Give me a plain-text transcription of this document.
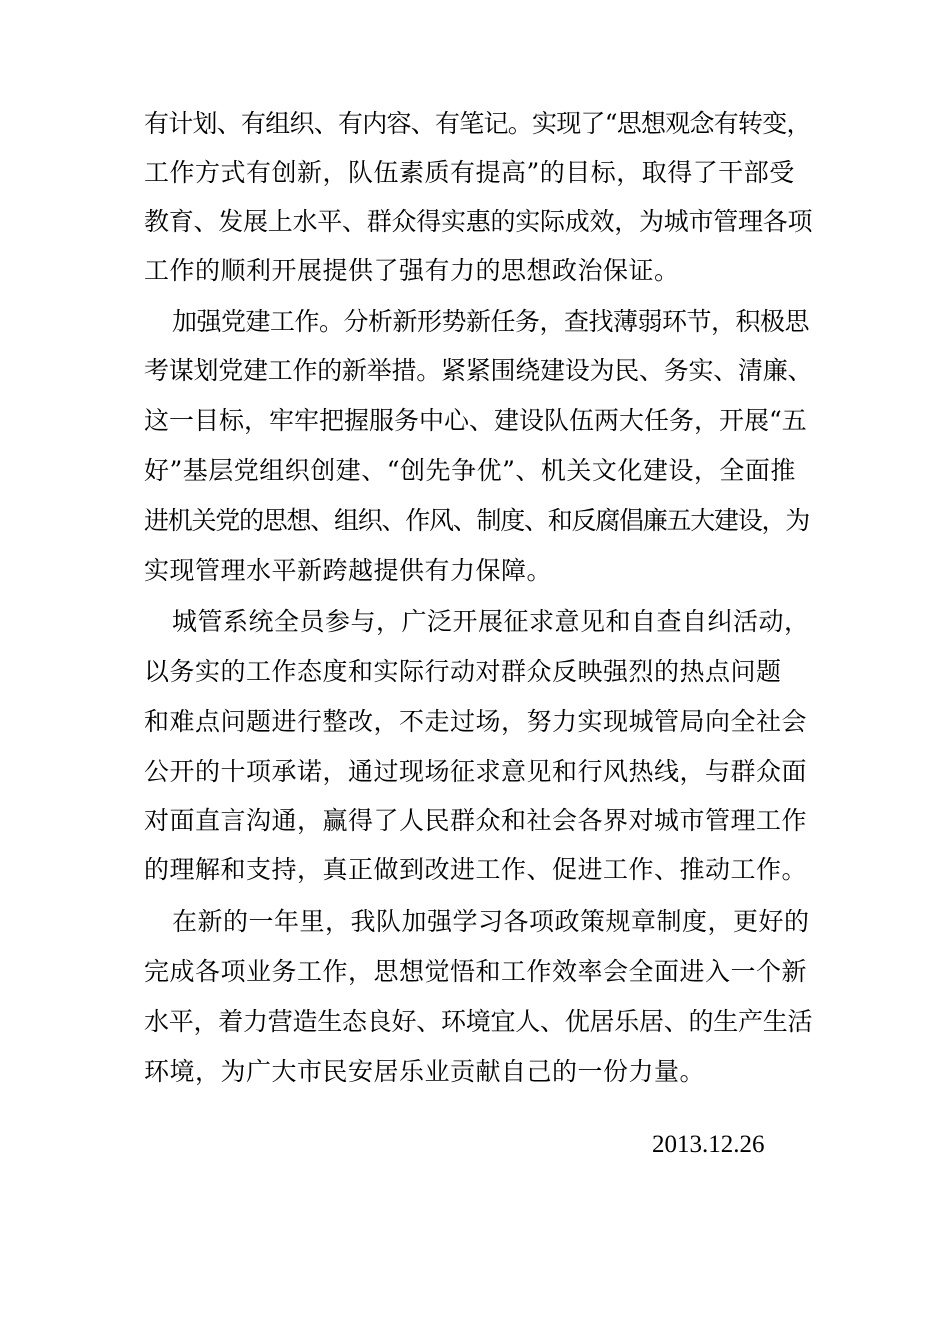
有计划、有组织、有内容、有笔记。实现了“思想观念有转变，
工作方式有创新，队伍素质有提高”的目标，取得了干部受
教育、发展上水平、群众得实惠的实际成效，为城市管理各项
工作的顺利开展提供了强有力的思想政治保证。
加强党建工作。分析新形势新任务，查找薄弱环节，积极思
考谋划党建工作的新举措。紧紧围绕建设为民、务实、清廉、
这一目标，牢牢把握服务中心、建设队伍两大任务，开展“五
好”基层党组织创建、“创先争优”、机关文化建设，全面推
进机关党的思想、组织、作风、制度、和反腐倡廉五大建设，为
实现管理水平新跨越提供有力保障。
城管系统全员参与，广泛开展征求意见和自查自纠活动，
以务实的工作态度和实际行动对群众反映强烈的热点问题
和难点问题进行整改，不走过场，努力实现城管局向全社会
公开的十项承诺，通过现场征求意见和行风热线，与群众面
对面直言沟通，赢得了人民群众和社会各界对城市管理工作
的理解和支持，真正做到改进工作、促进工作、推动工作。
在新的一年里，我队加强学习各项政策规章制度，更好的
完成各项业务工作，思想觉悟和工作效率会全面进入一个新
水平，着力营造生态良好、环境宜人、优居乐居、的生产生活
环境，为广大市民安居乐业贡献自己的一份力量。
2013.12.26
